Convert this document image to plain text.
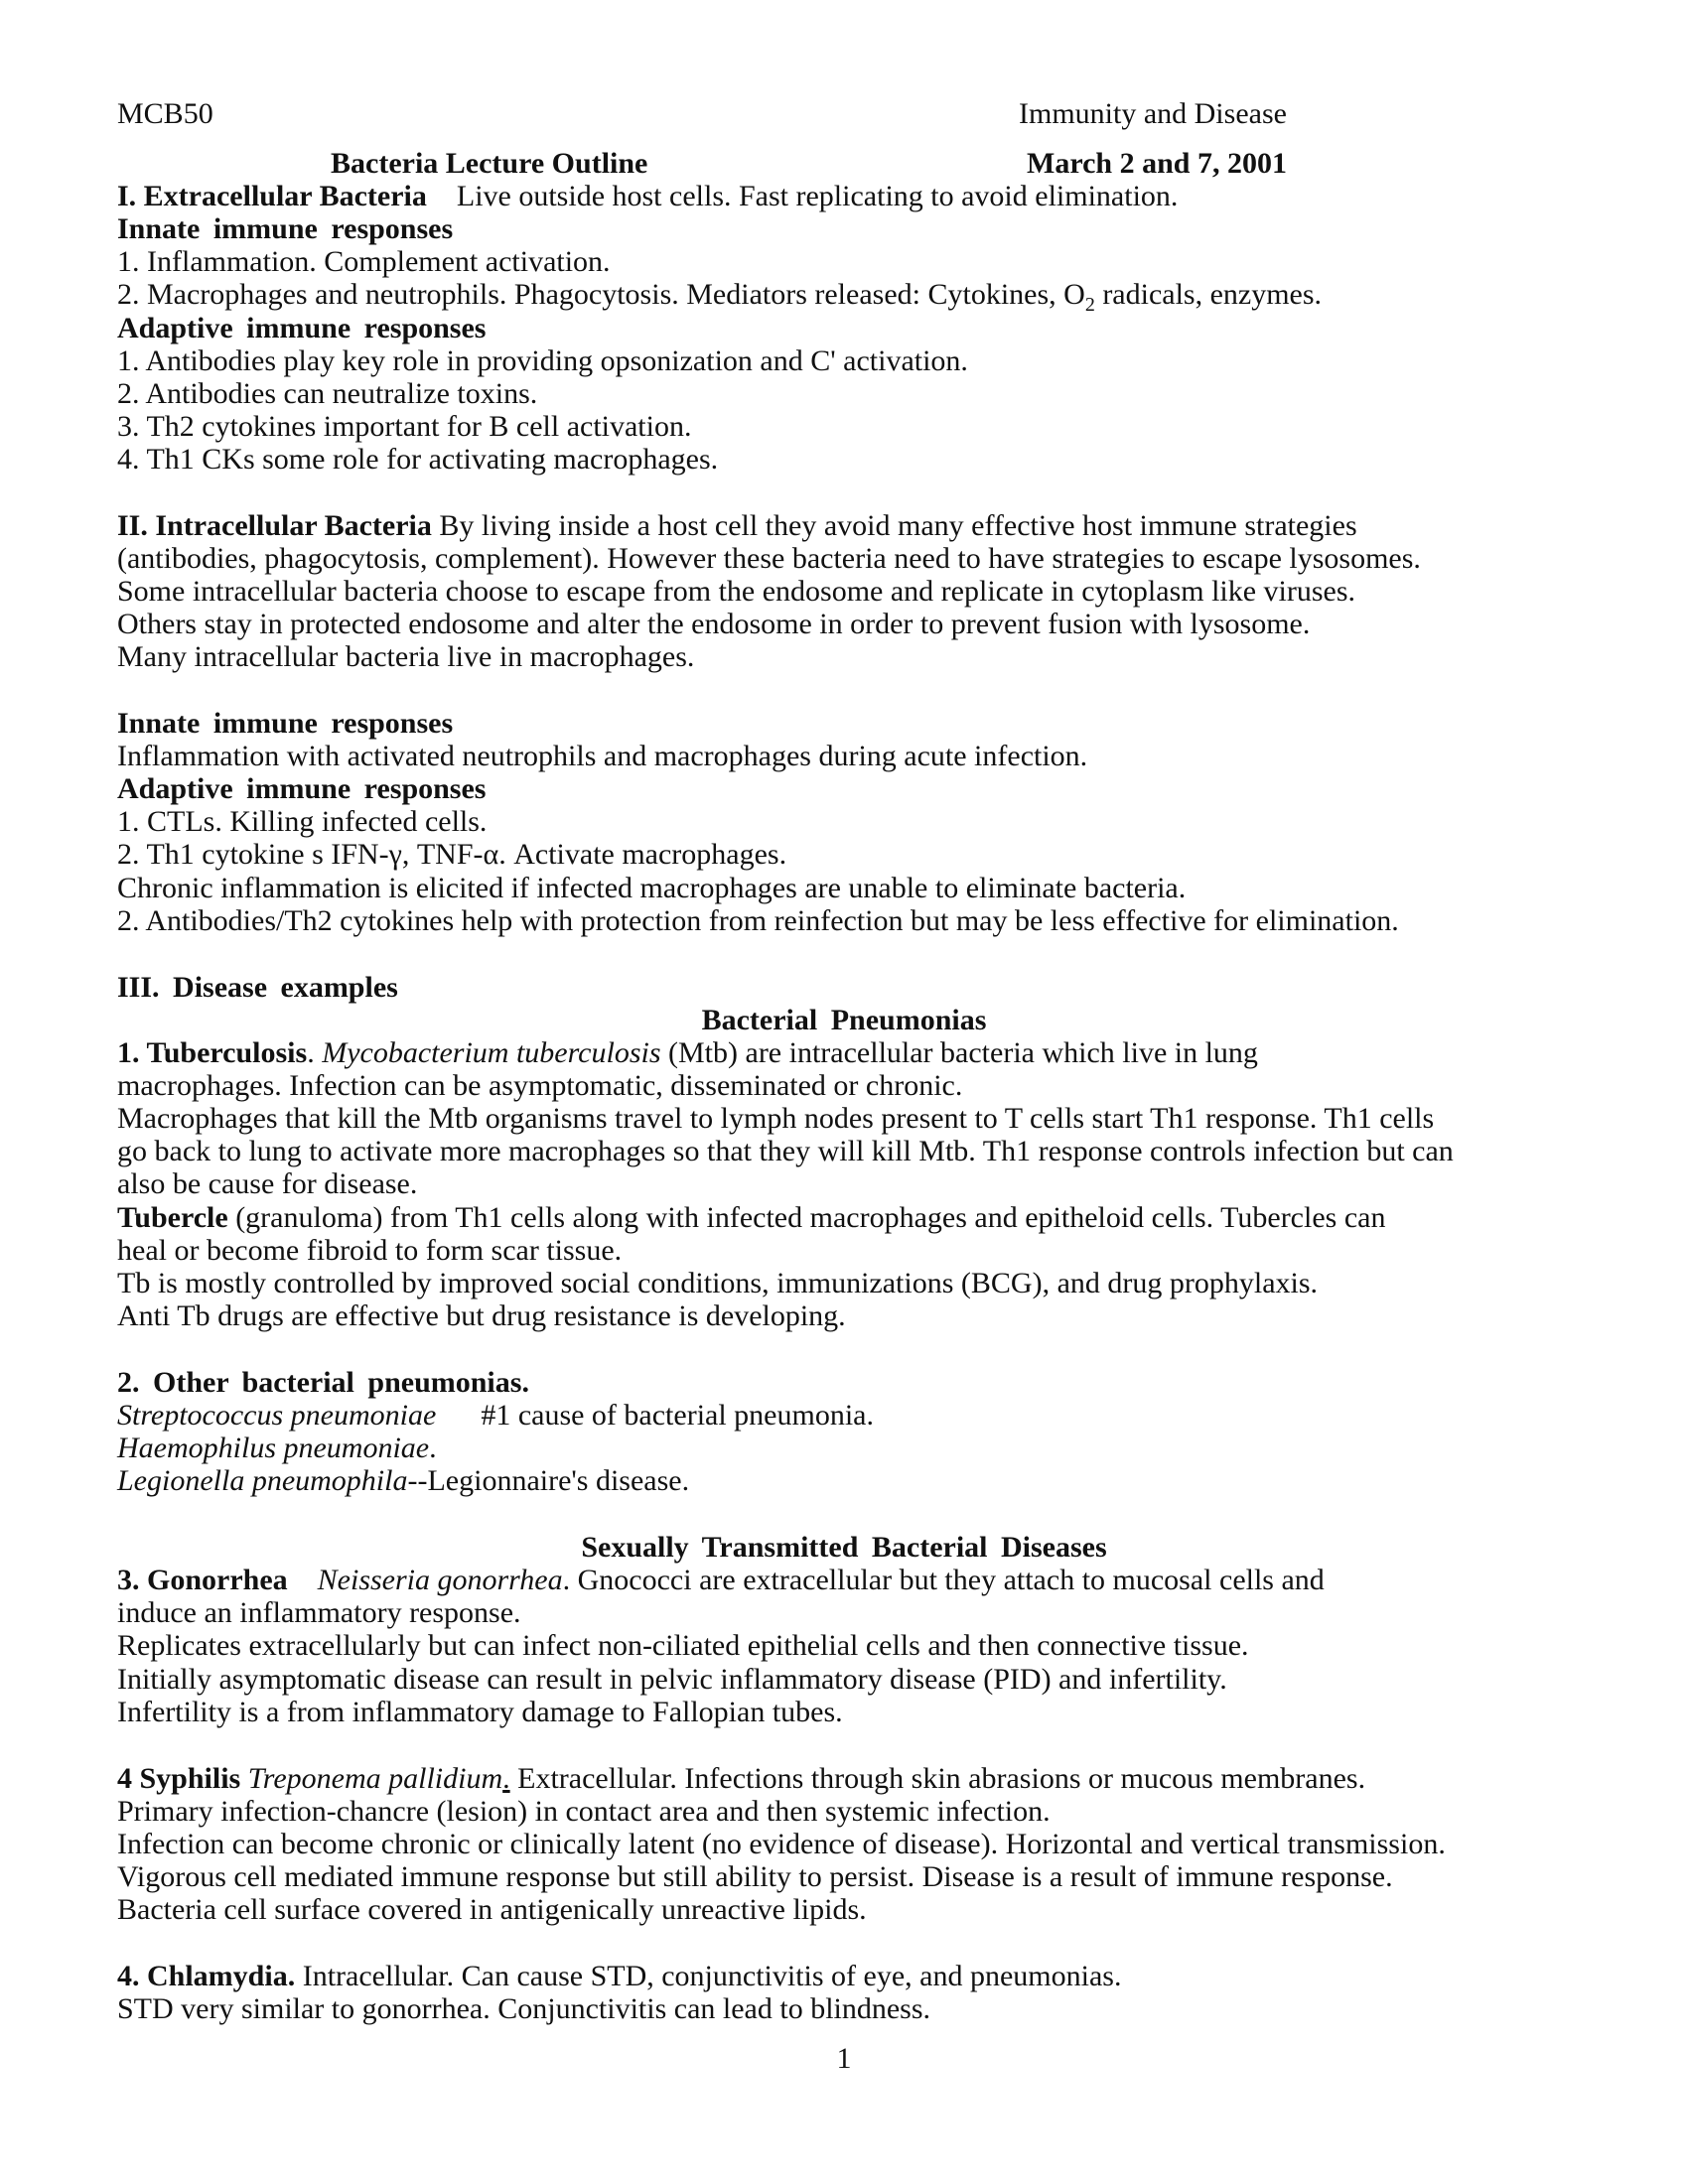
MCB50	Immunity and Disease
Bacteria Lecture Outline	March 2 and 7, 2001
I. Extracellular Bacteria Live outside host cells. Fast replicating to avoid elimination.
Innate immune responses
1. Inflammation. Complement activation.
2. Macrophages and neutrophils. Phagocytosis. Mediators released: Cytokines, $O_2$ radicals, enzymes.
Adaptive immune responses
1. Antibodies play key role in providing opsonization and C' activation.
2. Antibodies can neutralize toxins.
3. Th2 cytokines important for B cell activation.
4. Th1 CKs some role for activating macrophages.
II. Intracellular Bacteria By living inside a host cell they avoid many effective host immune strategies
(antibodies, phagocytosis, complement). However these bacteria need to have strategies to escape lysosomes.
Some intracellular bacteria choose to escape from the endosome and replicate in cytoplasm like viruses.
Others stay in protected endosome and alter the endosome in order to prevent fusion with lysosome.
Many intracellular bacteria live in macrophages.
Innate immune responses
Inflammation with activated neutrophils and macrophages during acute infection.
Adaptive immune responses
1. CTLs. Killing infected cells.
2. Th1 cytokine s IFN-γ, TNF-α. Activate macrophages.
Chronic inflammation is elicited if infected macrophages are unable to eliminate bacteria.
2. Antibodies/Th2 cytokines help with protection from reinfection but may be less effective for elimination.
III. Disease examples
Bacterial Pneumonias
1. Tuberculosis. Mycobacterium tuberculosis (Mtb) are intracellular bacteria which live in lung
macrophages. Infection can be asymptomatic, disseminated or chronic.
Macrophages that kill the Mtb organisms travel to lymph nodes present to T cells start Th1 response. Th1 cells
go back to lung to activate more macrophages so that they will kill Mtb. Th1 response controls infection but can
also be cause for disease.
Tubercle (granuloma) from Th1 cells along with infected macrophages and epitheloid cells. Tubercles can
heal or become fibroid to form scar tissue.
Tb is mostly controlled by improved social conditions, immunizations (BCG), and drug prophylaxis.
Anti Tb drugs are effective but drug resistance is developing.
2. Other bacterial pneumonias.
Streptococcus pneumoniae      #1 cause of bacterial pneumonia.
Haemophilus pneumoniae.
Legionella pneumophila--Legionnaire's disease.
Sexually Transmitted Bacterial Diseases
3. Gonorrhea Neisseria gonorrhea. Gnococci are extracellular but they attach to mucosal cells and
induce an inflammatory response.
Replicates extracellularly but can infect non-ciliated epithelial cells and then connective tissue.
Initially asymptomatic disease can result in pelvic inflammatory disease (PID) and infertility.
Infertility is a from inflammatory damage to Fallopian tubes.
4 Syphilis Treponema pallidium. Extracellular. Infections through skin abrasions or mucous membranes.
Primary infection-chancre (lesion) in contact area and then systemic infection.
Infection can become chronic or clinically latent (no evidence of disease). Horizontal and vertical transmission.
Vigorous cell mediated immune response but still ability to persist. Disease is a result of immune response.
Bacteria cell surface covered in antigenically unreactive lipids.
4. Chlamydia. Intracellular. Can cause STD, conjunctivitis of eye, and pneumonias.
STD very similar to gonorrhea. Conjunctivitis can lead to blindness.
1
